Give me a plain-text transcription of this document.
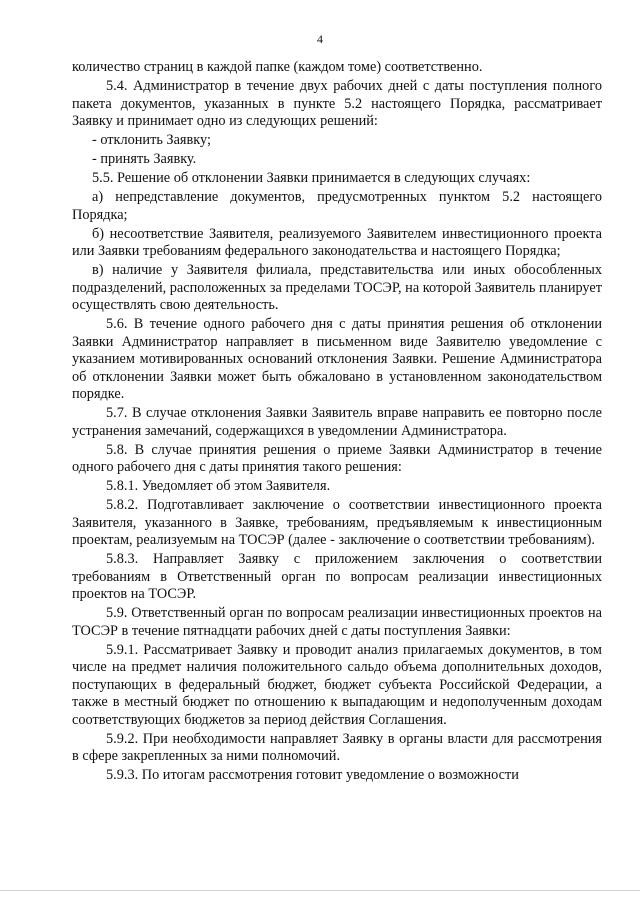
4

количество страниц в каждой папке (каждом томе) соответственно.

5.4. Администратор в течение двух рабочих дней с даты поступления полного пакета документов, указанных в пункте 5.2 настоящего Порядка, рассматривает Заявку и принимает одно из следующих решений:

- отклонить Заявку;

- принять Заявку.

5.5. Решение об отклонении Заявки принимается в следующих случаях:

а) непредставление документов, предусмотренных пунктом 5.2 настоящего Порядка;

б) несоответствие Заявителя, реализуемого Заявителем инвестиционного проекта или Заявки требованиям федерального законодательства и настоящего Порядка;

в) наличие у Заявителя филиала, представительства или иных обособленных подразделений, расположенных за пределами ТОСЭР, на которой Заявитель планирует осуществлять свою деятельность.

5.6. В течение одного рабочего дня с даты принятия решения об отклонении Заявки Администратор направляет в письменном виде Заявителю уведомление с указанием мотивированных оснований отклонения Заявки. Решение Администратора об отклонении Заявки может быть обжаловано в установленном законодательством порядке.

5.7. В случае отклонения Заявки Заявитель вправе направить ее повторно после устранения замечаний, содержащихся в уведомлении Администратора.

5.8. В случае принятия решения о приеме Заявки Администратор в течение одного рабочего дня с даты принятия такого решения:

5.8.1. Уведомляет об этом Заявителя.

5.8.2. Подготавливает заключение о соответствии инвестиционного проекта Заявителя, указанного в Заявке, требованиям, предъявляемым к инвестиционным проектам, реализуемым на ТОСЭР (далее - заключение о соответствии требованиям).

5.8.3. Направляет Заявку с приложением заключения о соответствии требованиям в Ответственный орган по вопросам реализации инвестиционных проектов на ТОСЭР.

5.9. Ответственный орган по вопросам реализации инвестиционных проектов на ТОСЭР в течение пятнадцати рабочих дней с даты поступления Заявки:

5.9.1. Рассматривает Заявку и проводит анализ прилагаемых документов, в том числе на предмет наличия положительного сальдо объема дополнительных доходов, поступающих в федеральный бюджет, бюджет субъекта Российской Федерации, а также в местный бюджет по отношению к выпадающим и недополученным доходам соответствующих бюджетов за период действия Соглашения.

5.9.2. При необходимости направляет Заявку в органы власти для рассмотрения в сфере закрепленных за ними полномочий.

5.9.3. По итогам рассмотрения готовит уведомление о возможности
